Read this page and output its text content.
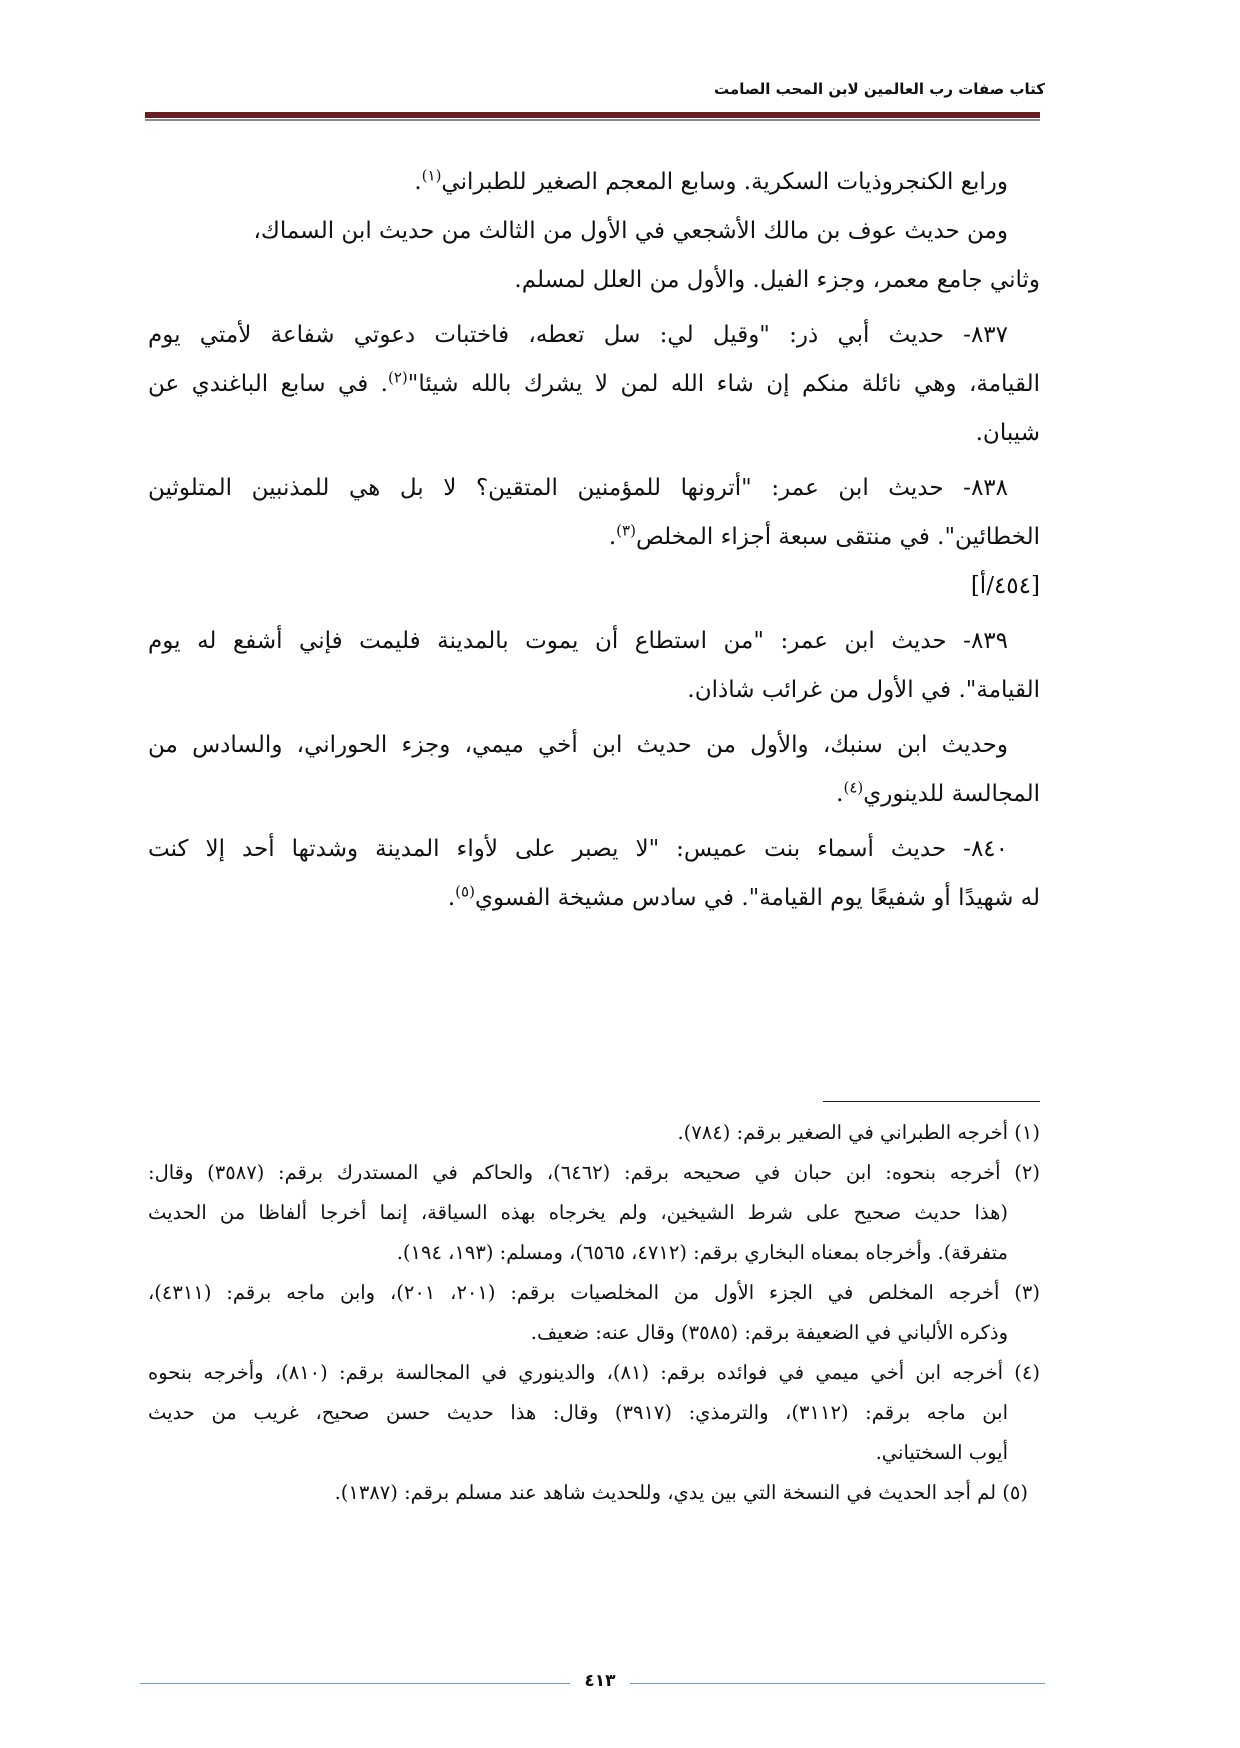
كتاب صفات رب العالمين لابن المحب الصامت
ورابع الكنجروذيات السكرية. وسابع المعجم الصغير للطبراني$^{(١)}$.
ومن حديث عوف بن مالك الأشجعي في الأول من الثالث من حديث ابن السماك،
وثاني جامع معمر، وجزء الفيل. والأول من العلل لمسلم.
٨٣٧- حديث أبي ذر: "وقيل لي: سل تعطه، فاختبات دعوتي شفاعة لأمتي يوم
القيامة، وهي نائلة منكم إن شاء الله لمن لا يشرك بالله شيئا"$^{(٢)}$. في سابع الباغندي عن
شيبان.
٨٣٨- حديث ابن عمر: "أترونها للمؤمنين المتقين؟ لا بل هي للمذنبين المتلوثين
الخطائين". في منتقى سبعة أجزاء المخلص$^{(٣)}$.
[٤٥٤/أ]
٨٣٩- حديث ابن عمر: "من استطاع أن يموت بالمدينة فليمت فإني أشفع له يوم
القيامة". في الأول من غرائب شاذان.
وحديث ابن سنبك، والأول من حديث ابن أخي ميمي، وجزء الحوراني، والسادس من
المجالسة للدينوري$^{(٤)}$.
٨٤٠- حديث أسماء بنت عميس: "لا يصبر على لأواء المدينة وشدتها أحد إلا كنت
له شهيدًا أو شفيعًا يوم القيامة". في سادس مشيخة الفسوي$^{(٥)}$.
(١) أخرجه الطبراني في الصغير برقم: (٧٨٤).
(٢) أخرجه بنحوه: ابن حبان في صحيحه برقم: (٦٤٦٢)، والحاكم في المستدرك برقم: (٣٥٨٧) وقال:
(هذا حديث صحيح على شرط الشيخين، ولم يخرجاه بهذه السياقة، إنما أخرجا ألفاظا من الحديث
متفرقة). وأخرجاه بمعناه البخاري برقم: (٤٧١٢، ٦٥٦٥)، ومسلم: (١٩٣، ١٩٤).
(٣) أخرجه المخلص في الجزء الأول من المخلصيات برقم: (٢٠١، ٢٠١)، وابن ماجه برقم: (٤٣١١)،
وذكره الألباني في الضعيفة برقم: (٣٥٨٥) وقال عنه: ضعيف.
(٤) أخرجه ابن أخي ميمي في فوائده برقم: (٨١)، والدينوري في المجالسة برقم: (٨١٠)، وأخرجه بنحوه
ابن ماجه برقم: (٣١١٢)، والترمذي: (٣٩١٧) وقال: هذا حديث حسن صحيح، غريب من حديث
أيوب السختياني.
(٥) لم أجد الحديث في النسخة التي بين يدي، وللحديث شاهد عند مسلم برقم: (١٣٨٧).
٤١٣
